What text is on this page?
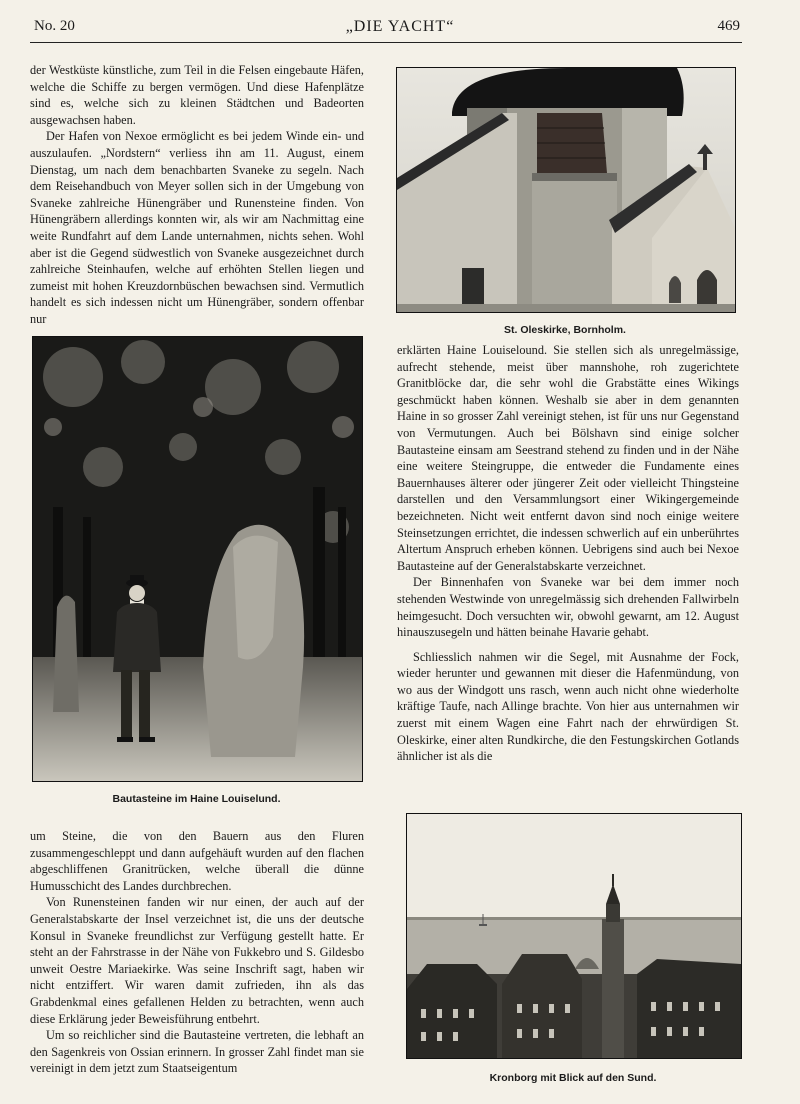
No. 20	„DIE YACHT“	469

der Westküste künstliche, zum Teil in die Felsen eingebaute Häfen, welche die Schiffe zu bergen vermögen. Und diese Hafenplätze sind es, welche sich zu kleinen Städtchen und Badeorten ausgewachsen haben.

Der Hafen von Nexoe ermöglicht es bei jedem Winde ein- und auszulaufen. „Nordstern“ verliess ihn am 11. August, einem Dienstag, um nach dem benachbarten Svaneke zu segeln. Nach dem Reisehandbuch von Meyer sollen sich in der Umgebung von Svaneke zahlreiche Hünengräber und Runensteine finden. Von Hünengräbern allerdings konnten wir, als wir am Nachmittag eine weite Rundfahrt auf dem Lande unternahmen, nichts sehen. Wohl aber ist die Gegend südwestlich von Svaneke ausgezeichnet durch zahlreiche Steinhaufen, welche auf erhöhten Stellen liegen und zumeist mit hohen Kreuzdornbüschen bewachsen sind. Vermutlich handelt es sich indessen nicht um Hünengräber, sondern offenbar nur

St. Oleskirke, Bornholm.
Bautasteine im Haine Louiselund.

erklärten Haine Louiselound. Sie stellen sich als unregelmässige, aufrecht stehende, meist über mannshohe, roh zugerichtete Granitblöcke dar, die sehr wohl die Grabstätte eines Wikings geschmückt haben können. Weshalb sie aber in dem genannten Haine in so grosser Zahl vereinigt stehen, ist für uns nur Gegenstand von Vermutungen. Auch bei Bölshavn sind einige solcher Bautasteine einsam am Seestrand stehend zu finden und in der Nähe eine weitere Steingruppe, die entweder die Fundamente eines Bauernhauses älterer oder jüngerer Zeit oder vielleicht Thingsteine darstellen und den Versammlungsort einer Wikingergemeinde bezeichneten. Nicht weit entfernt davon sind noch einige weitere Steinsetzungen errichtet, die indessen schwerlich auf ein unberührtes Altertum Anspruch erheben können. Uebrigens sind auch bei Nexoe Bautasteine auf der Generalstabskarte verzeichnet.

Der Binnenhafen von Svaneke war bei dem immer noch stehenden Westwinde von unregelmässig sich drehenden Fallwirbeln heimgesucht. Doch versuchten wir, obwohl gewarnt, am 12. August hinauszusegeln und hätten beinahe Havarie gehabt.

Schliesslich nahmen wir die Segel, mit Ausnahme der Fock, wieder herunter und gewannen mit dieser die Hafenmündung, von wo aus der Windgott uns rasch, wenn auch nicht ohne wiederholte kräftige Taufe, nach Allinge brachte. Von hier aus unternahmen wir zuerst mit einem Wagen eine Fahrt nach der ehrwürdigen St. Oleskirke, einer alten Rundkirche, die den Festungskirchen Gotlands ähnlicher ist als die

um Steine, die von den Bauern aus den Fluren zusammengeschleppt und dann aufgehäuft wurden auf den flachen abgeschliffenen Granitrücken, welche überall die dünne Humusschicht des Landes durchbrechen.

Von Runensteinen fanden wir nur einen, der auch auf der Generalstabskarte der Insel verzeichnet ist, die uns der deutsche Konsul in Svaneke freundlichst zur Verfügung gestellt hatte. Er steht an der Fahrstrasse in der Nähe von Fukkebro und S. Gildesbo unweit Oestre Mariaekirke. Was seine Inschrift sagt, haben wir nicht entziffert. Wir waren damit zufrieden, ihn als das Grabdenkmal eines gefallenen Helden zu betrachten, wenn auch diese Erklärung jeder Beweisführung entbehrt.

Um so reichlicher sind die Bautasteine vertreten, die lebhaft an den Sagenkreis von Ossian erinnern. In grosser Zahl findet man sie vereinigt in dem jetzt zum Staatseigentum

Kronborg mit Blick auf den Sund.
